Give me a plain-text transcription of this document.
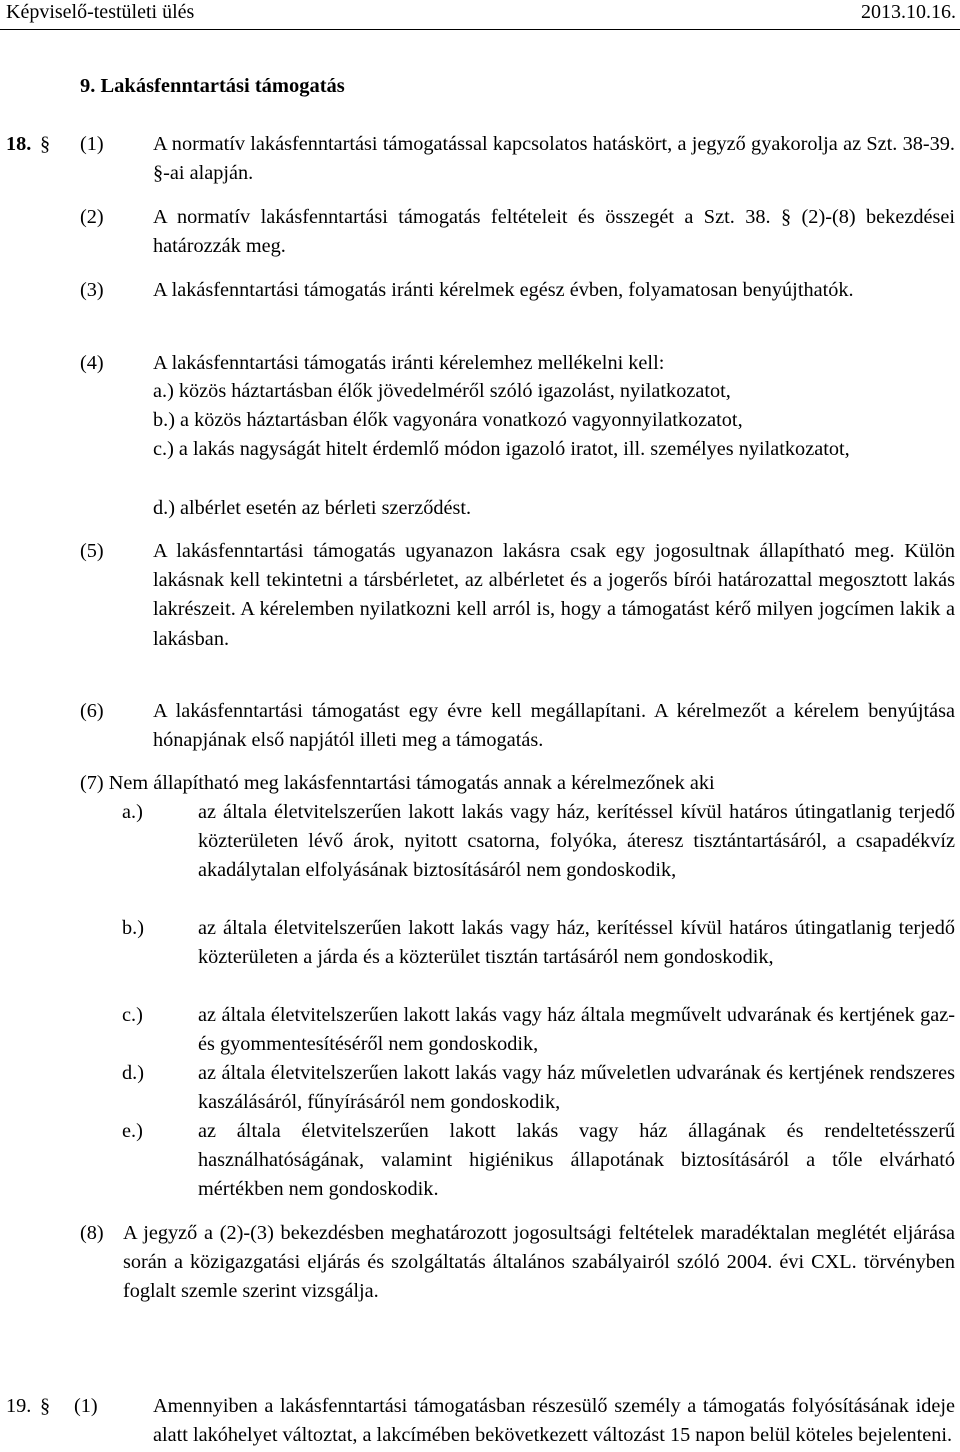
Képviselő-testületi ülés	2013.10.16.
9. Lakásfenntartási támogatás
18. § (1) A normatív lakásfenntartási támogatással kapcsolatos hatáskört, a jegyző gyakorolja az Szt. 38-39. §-ai alapján.
(2) A normatív lakásfenntartási támogatás feltételeit és összegét a Szt. 38. § (2)-(8) bekezdései határozzák meg.
(3) A lakásfenntartási támogatás iránti kérelmek egész évben, folyamatosan benyújthatók.
(4) A lakásfenntartási támogatás iránti kérelemhez mellékelni kell:
a.) közös háztartásban élők jövedelméről szóló igazolást, nyilatkozatot,
b.) a közös háztartásban élők vagyonára vonatkozó vagyonnyilatkozatot,
c.) a lakás nagyságát hitelt érdemlő módon igazoló iratot, ill. személyes nyilatkozatot,
d.) albérlet esetén az bérleti szerződést.
(5) A lakásfenntartási támogatás ugyanazon lakásra csak egy jogosultnak állapítható meg. Külön lakásnak kell tekintetni a társbérletet, az albérletet és a jogerős bírói határozattal megosztott lakás lakrészeit. A kérelemben nyilatkozni kell arról is, hogy a támogatást kérő milyen jogcímen lakik a lakásban.
(6) A lakásfenntartási támogatást egy évre kell megállapítani. A kérelmezőt a kérelem benyújtása hónapjának első napjától illeti meg a támogatás.
(7) Nem állapítható meg lakásfenntartási támogatás annak a kérelmezőnek aki
a.)	az általa életvitelszerűen lakott lakás vagy ház, kerítéssel kívül határos útingatlanig terjedő közterületen lévő árok, nyitott csatorna, folyóka, áteresz tisztántartásáról, a csapadékvíz akadálytalan elfolyásának biztosításáról nem gondoskodik,
b.)	az általa életvitelszerűen lakott lakás vagy ház, kerítéssel kívül határos útingatlanig terjedő közterületen a járda és a közterület tisztán tartásáról nem gondoskodik,
c.)	az általa életvitelszerűen lakott lakás vagy ház általa megművelt udvarának és kertjének gaz- és gyommentesítéséről nem gondoskodik,
d.)	az általa életvitelszerűen lakott lakás vagy ház műveletlen udvarának és kertjének rendszeres kaszálásáról, fűnyírásáról nem gondoskodik,
e.)	az általa életvitelszerűen lakott lakás vagy ház állagának és rendeltetésszerű használhatóságának, valamint higiénikus állapotának biztosításáról a tőle elvárható mértékben nem gondoskodik.
(8) A jegyző a (2)-(3) bekezdésben meghatározott jogosultsági feltételek maradéktalan meglétét eljárása során a közigazgatási eljárás és szolgáltatás általános szabályairól szóló 2004. évi CXL. törvényben foglalt szemle szerint vizsgálja.
19. § (1)	Amennyiben a lakásfenntartási támogatásban részesülő személy a támogatás folyósításának ideje alatt lakóhelyet változtat, a lakcímében bekövetkezett változást 15 napon belül köteles bejelenteni.
